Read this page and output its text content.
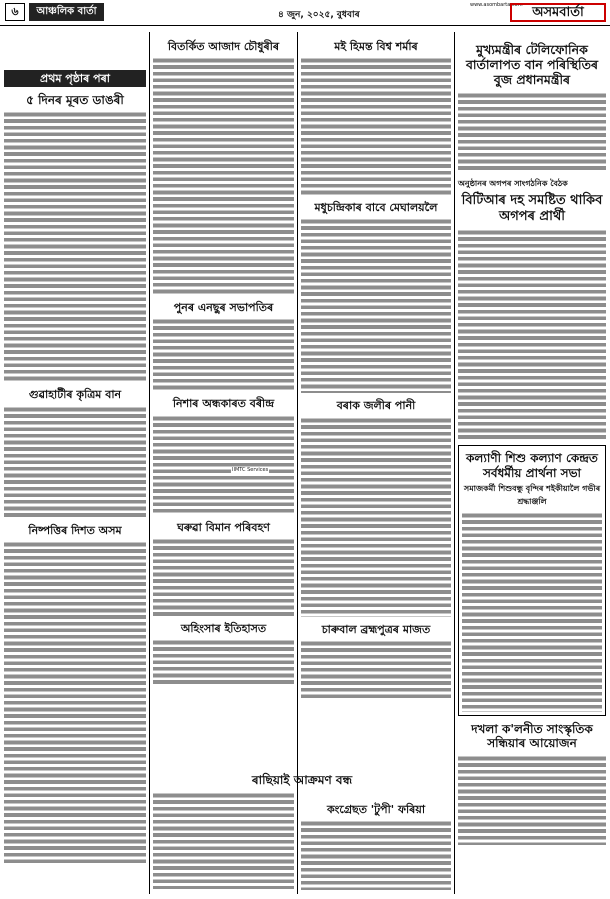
৬	আঞ্চলিক বাৰ্তা	৪ জুন, ২০২৫, বুধবাৰ
www.asombarta.com অসমবাৰ্তা
প্ৰথম পৃষ্ঠাৰ পৰা
৫ দিনৰ মূৰত ডাঙৰী
গুৱাহাটীৰ কৃত্ৰিম বান
নিষ্পত্তিৰ দিশত অসম
বিতৰ্কিত আজাদ চৌধুৰীৰ
পুনৰ এনছুৰ সভাপতিৰ
নিশাৰ অন্ধকাৰত বৰীন্দ্ৰ
IIMTC Services
ঘৰুৱা বিমান পৰিবহণ
অহিংসাৰ ইতিহাসত
ৰাছিয়াই আক্ৰমণ বন্ধ
মই হিমন্ত বিশ্ব শৰ্মাৰ
মধুচন্দ্ৰিকাৰ বাবে মেঘালয়লৈ
বৰাক জলীৰ পানী
চাৰুবাল ব্ৰহ্মপুত্ৰৰ মাজত
কংগ্ৰেছত 'টুপী' ফৰিয়া
মুখ্যমন্ত্ৰীৰ টেলিফোনিক বাৰ্তালাপত বান পৰিস্থিতিৰ বুজ প্ৰধানমন্ত্ৰীৰ
অনুষ্ঠানৰ অগপৰ সাংগঠনিক বৈঠক
বিটিআৰ দহ সমষ্টিত থাকিব অগপৰ প্ৰাৰ্থী
কল্যাণী শিশু কল্যাণ কেন্দ্ৰত সৰ্বধৰ্মীয় প্ৰাৰ্থনা সভা
সমাজকৰ্মী শিশুবন্ধু বৃন্দিৰ শইকীয়ালৈ গভীৰ শ্ৰদ্ধাঞ্জলি
দখলা ক'লনীত সাংস্কৃতিক সন্ধিয়াৰ আয়োজন
